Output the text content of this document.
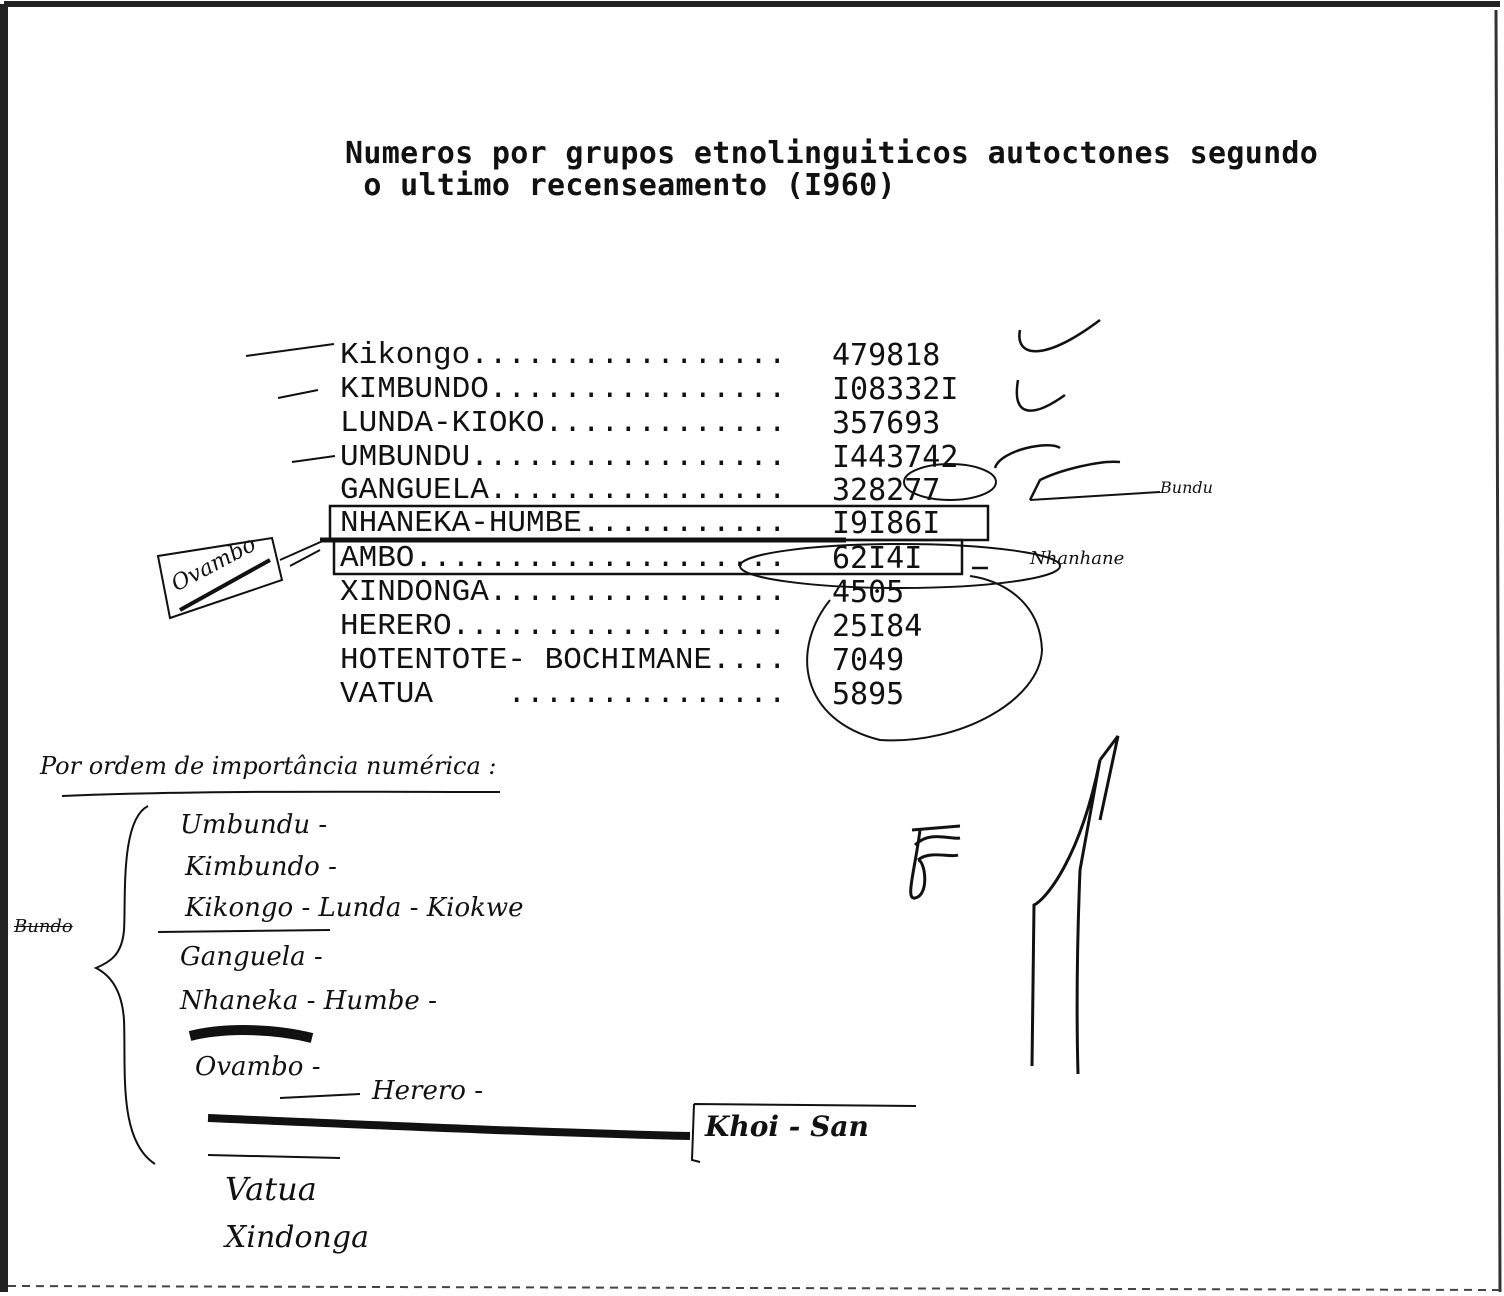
Numeros por grupos etnolinguiticos autoctones segundo
o ultimo recenseamento (I960)
Kikongo................. 479818
KIMBUNDO................ I08332I
LUNDA-KIOKO............. 357693
UMBUNDU................. I443742
GANGUELA................ 328277
NHANEKA-HUMBE........... I9I86I
AMBO.................... 62I4I
XINDONGA................ 4505
HERERO.................. 25I84
HOTENTOTE- BOCHIMANE.... 7049
VATUA    ............... 5895
Ovambo
Bundu
Nhanhane
Por ordem de importância numérica :
Umbundu -
Kimbundo -
Kikongo - Lunda - Kiokwe
Ganguela -
Nhaneka - Humbe -
Ovambo -
Herero -
Khoi - San
Vatua
Xindonga
Bundo
